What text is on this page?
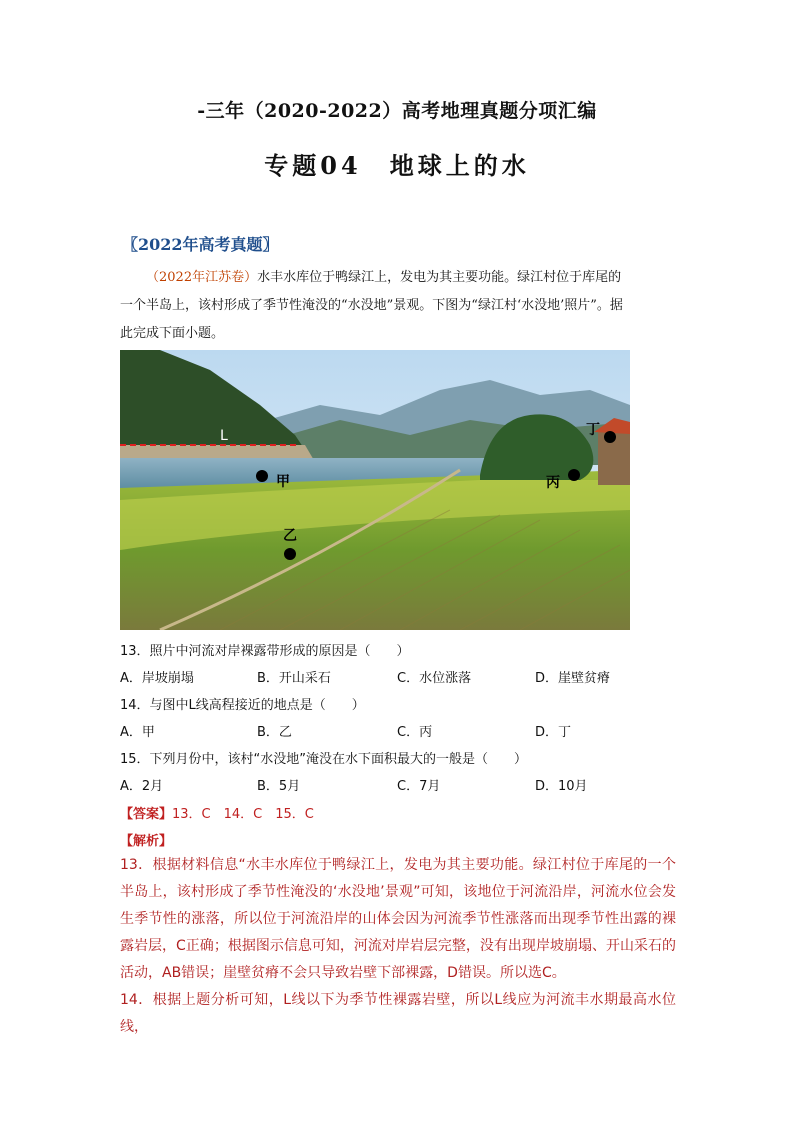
-三年（2020-2022）高考地理真题分项汇编
专题04　地球上的水
〖2022年高考真题〗
（2022年江苏卷）水丰水库位于鸭绿江上，发电为其主要功能。绿江村位于库尾的一个半岛上，该村形成了季节性淹没的“水没地”景观。下图为“绿江村‘水没地’照片”。据此完成下面小题。
L
甲
乙
丙
丁
13．照片中河流对岸裸露带形成的原因是（　　）
A．岸坡崩塌	B．开山采石	C．水位涨落	D．崖壁贫瘠
14．与图中L线高程接近的地点是（　　）
A．甲	B．乙	C．丙	D．丁
15．下列月份中，该村“水没地”淹没在水下面积最大的一般是（　　）
A．2月	B．5月	C．7月	D．10月
【答案】13．C　14．C　15．C
【解析】

13．根据材料信息“水丰水库位于鸭绿江上，发电为其主要功能。绿江村位于库尾的一个半岛上，该村形成了季节性淹没的‘水没地’景观”可知，该地位于河流沿岸，河流水位会发生季节性的涨落，所以位于河流沿岸的山体会因为河流季节性涨落而出现季节性出露的裸露岩层，C正确；根据图示信息可知，河流对岸岩层完整，没有出现岸坡崩塌、开山采石的活动，AB错误；崖壁贫瘠不会只导致岩壁下部裸露，D错误。所以选C。

14．根据上题分析可知，L线以下为季节性裸露岩壁，所以L线应为河流丰水期最高水位线，
